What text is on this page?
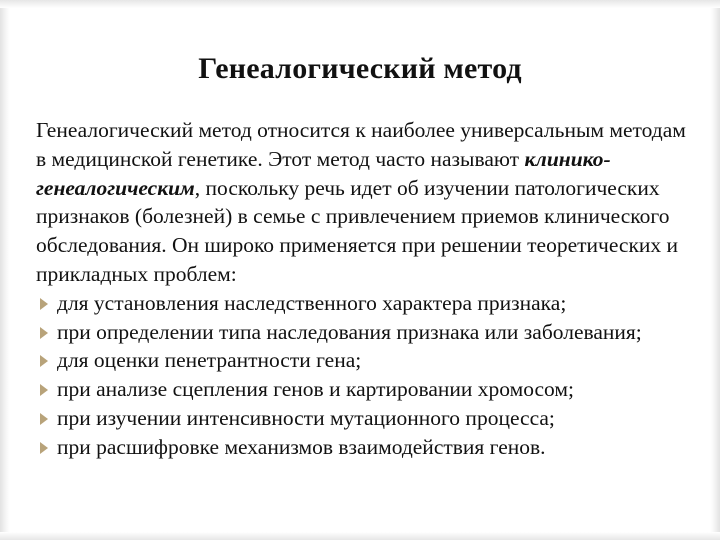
Генеалогический метод

Генеалогический метод относится к наиболее универсальным методам в медицинской генетике. Этот метод часто называют клинико-генеалогическим, поскольку речь идет об изучении патологических признаков (болезней) в семье с привлечением приемов клинического обследования. Он широко применяется при решении теоретических и прикладных проблем:

для установления наследственного характера признака;
при определении типа наследования признака или заболевания;
для оценки пенетрантности гена;
при анализе сцепления генов и картировании хромосом;
при изучении интенсивности мутационного процесса;
при расшифровке механизмов взаимодействия генов.
